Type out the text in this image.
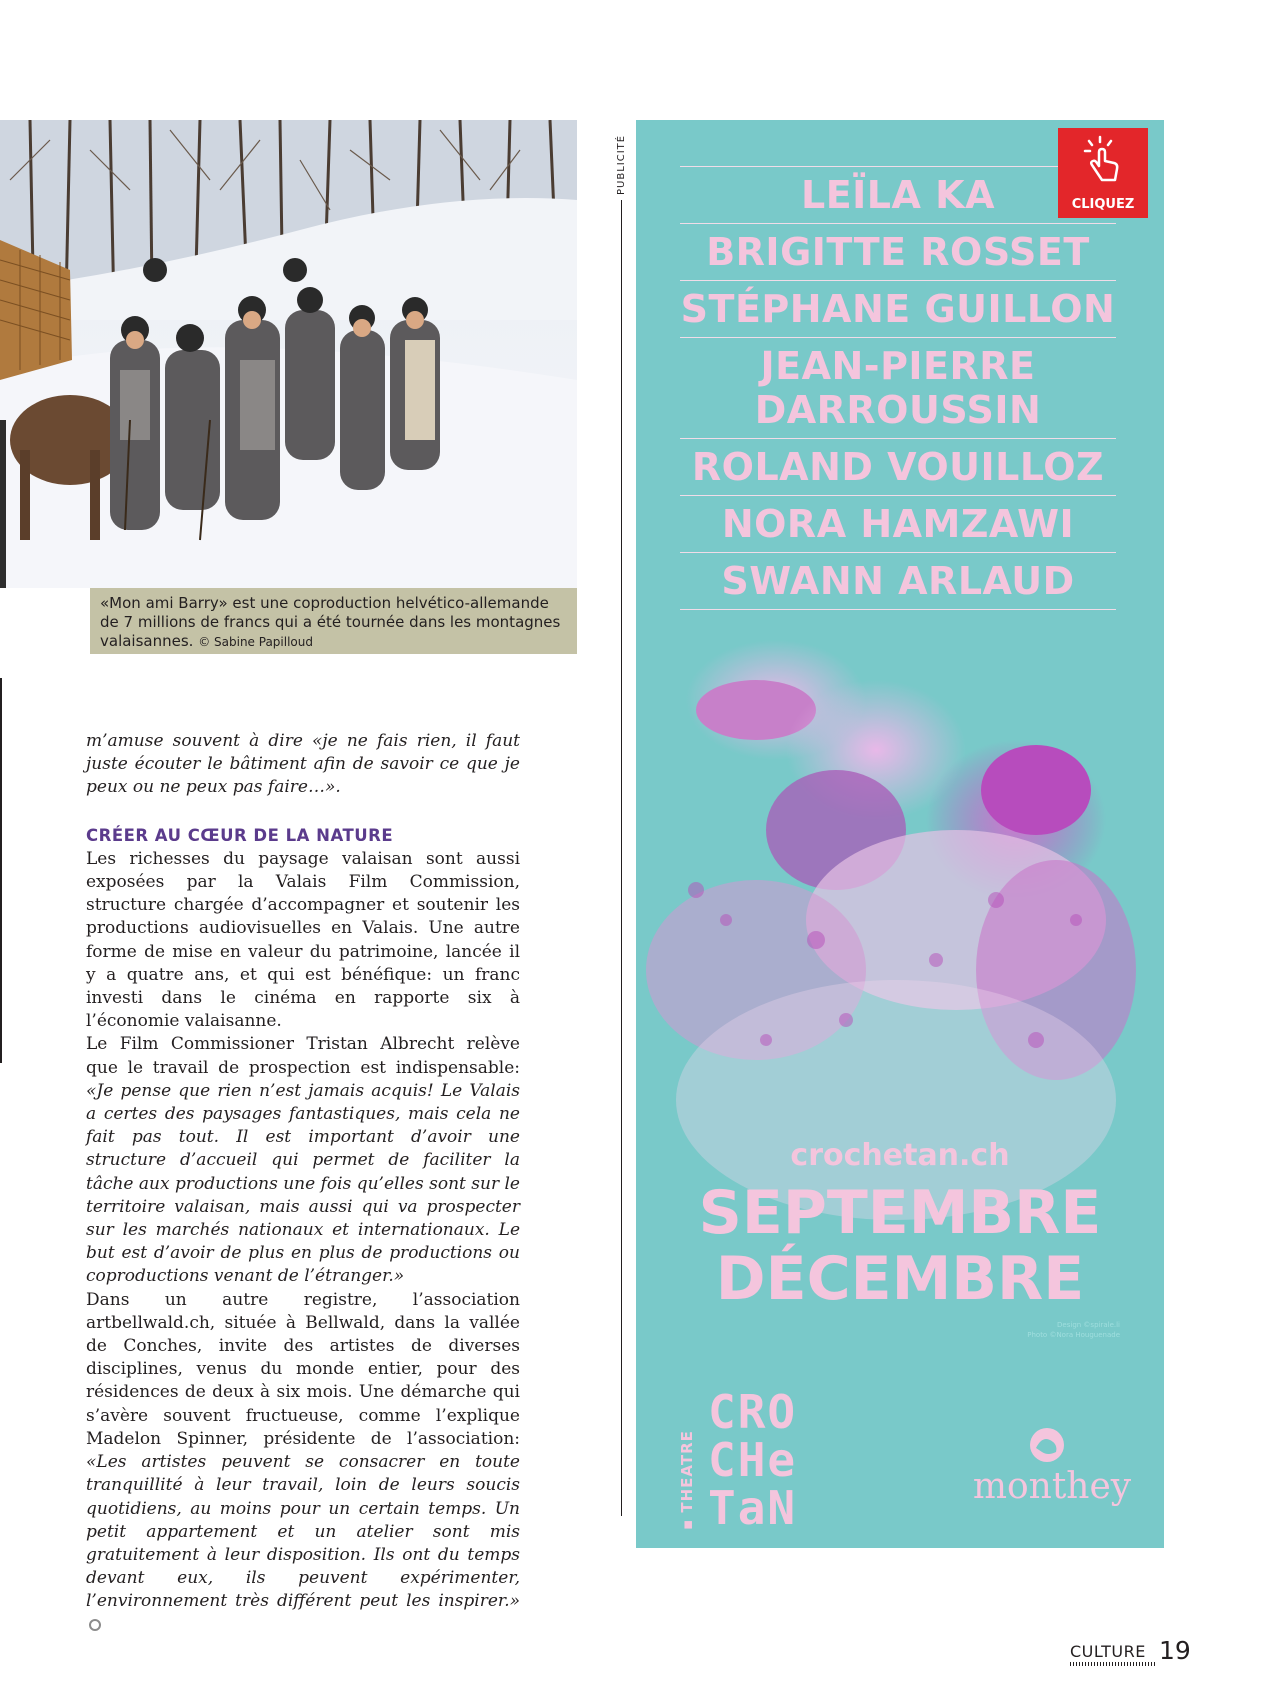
«Mon ami Barry» est une coproduction helvético-allemande de 7 millions de francs qui a été tournée dans les montagnes valaisannes. © Sabine Papilloud

m’amuse souvent à dire «je ne fais rien, il faut juste écouter le bâtiment afin de savoir ce que je peux ou ne peux pas faire…».

CRÉER AU CŒUR DE LA NATURE

Les richesses du paysage valaisan sont aussi exposées par la Valais Film Commission, structure chargée d’accompagner et soutenir les productions audiovisuelles en Valais. Une autre forme de mise en valeur du patrimoine, lancée il y a quatre ans, et qui est bénéfique: un franc investi dans le cinéma en rapporte six à l’économie valaisanne.

Le Film Commissioner Tristan Albrecht relève que le travail de prospection est indispensable: «Je pense que rien n’est jamais acquis! Le Valais a certes des paysages fantastiques, mais cela ne fait pas tout. Il est important d’avoir une structure d’accueil qui permet de faciliter la tâche aux productions une fois qu’elles sont sur le territoire valaisan, mais aussi qui va prospecter sur les marchés nationaux et internationaux. Le but est d’avoir de plus en plus de productions ou coproductions venant de l’étranger.»

Dans un autre registre, l’association artbellwald.ch, située à Bellwald, dans la vallée de Conches, invite des artistes de diverses disciplines, venus du monde entier, pour des résidences de deux à six mois. Une démarche qui s’avère souvent fructueuse, comme l’explique Madelon Spinner, présidente de l’association: «Les artistes peuvent se consacrer en toute tranquillité à leur travail, loin de leurs soucis quotidiens, au moins pour un certain temps. Un petit appartement et un atelier sont mis gratuitement à leur disposition. Ils ont du temps devant eux, ils peuvent expérimenter, l’environnement très différent peut les inspirer.»

PUBLICITÉ	LEÏLA KA
BRIGITTE ROSSET
STÉPHANE GUILLON
JEAN-PIERRE DARROUSSIN
ROLAND VOUILLOZ
NORA HAMZAWI
SWANN ARLAUD
crochetan.ch
SEPTEMBRE
DÉCEMBRE
Design ©spirale.li
Photo ©Nora Houguenade
▪ THEATRE
CRO
CHe
TaN	monthey
CLIQUEZ
CULTURE 19
